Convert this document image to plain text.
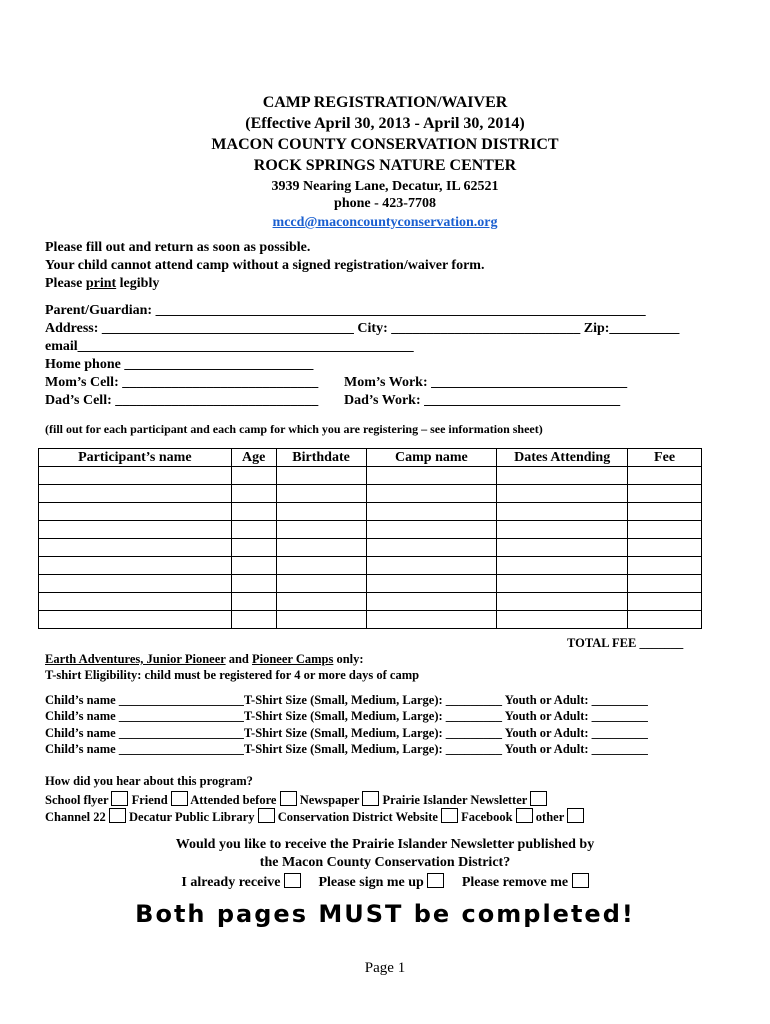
CAMP REGISTRATION/WAIVER
(Effective April 30, 2013 - April 30, 2014)
MACON COUNTY CONSERVATION DISTRICT
ROCK SPRINGS NATURE CENTER
3939 Nearing Lane, Decatur, IL 62521
phone - 423-7708
mccd@maconcountyconservation.org
Please fill out and return as soon as possible.
Your child cannot attend camp without a signed registration/waiver form.
Please print legibly
Parent/Guardian: ______________________________________________________________________
Address: ____________________________________ City: ___________________________ Zip:__________
email________________________________________________
Home phone ___________________________
Mom’s Cell: ____________________________ Mom’s Work: ____________________________
Dad’s Cell: _____________________________ Dad’s Work: ____________________________
(fill out for each participant and each camp for which you are registering – see information sheet)
Participant’s name	Age	Birthdate	Camp name	Dates Attending	Fee

TOTAL FEE _______
Earth Adventures, Junior Pioneer and Pioneer Camps only:
T-shirt Eligibility: child must be registered for 4 or more days of camp
Child’s name ____________________T-Shirt Size (Small, Medium, Large): _________ Youth or Adult: _________
Child’s name ____________________T-Shirt Size (Small, Medium, Large): _________ Youth or Adult: _________
Child’s name ____________________T-Shirt Size (Small, Medium, Large): _________ Youth or Adult: _________
Child’s name ____________________T-Shirt Size (Small, Medium, Large): _________ Youth or Adult: _________
How did you hear about this program?
School flyer Friend Attended before Newspaper Prairie Islander Newsletter
Channel 22 Decatur Public Library Conservation District Website Facebook other
Would you like to receive the Prairie Islander Newsletter published by
the Macon County Conservation District?
I already receive	Please sign me up	Please remove me
Both pages MUST be completed!
Page 1
